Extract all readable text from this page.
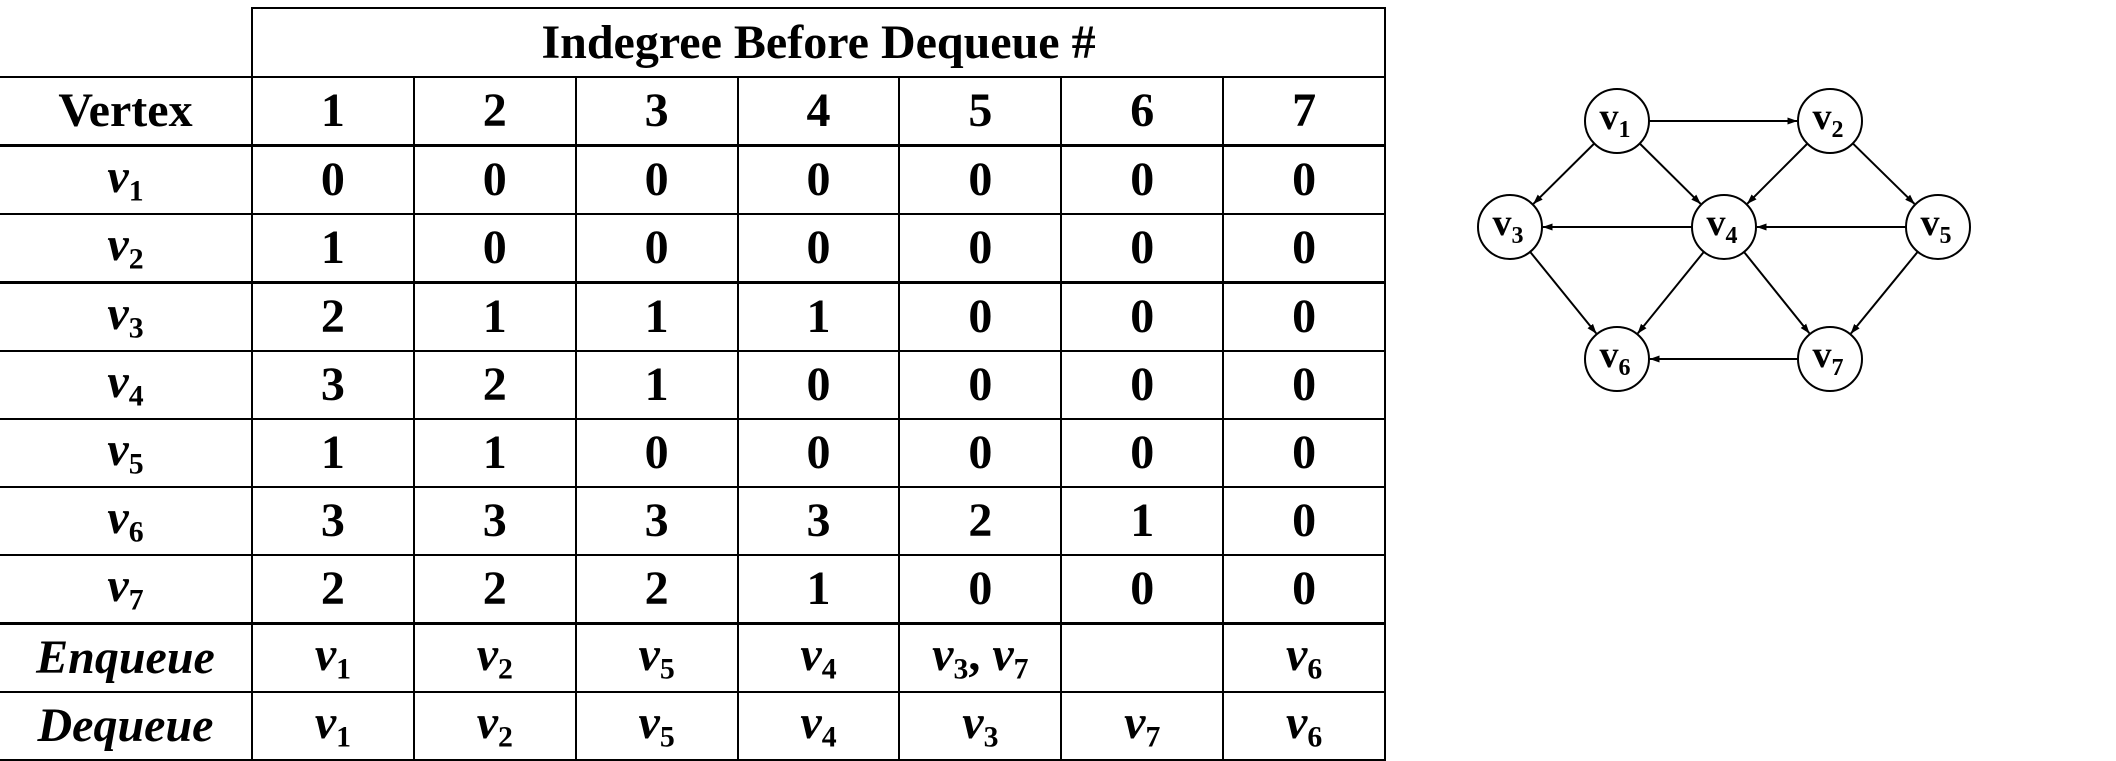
	Indegree Before Dequeue #						
Vertex	1	2	3	4	5	6	7
$v_1$	0	0	0	0	0	0	0
$v_2$	1	0	0	0	0	0	0
$v_3$	2	1	1	1	0	0	0
$v_4$	3	2	1	0	0	0	0
$v_5$	1	1	0	0	0	0	0
$v_6$	3	3	3	3	2	1	0
$v_7$	2	2	2	1	0	0	0
Enqueue	$v_1$	$v_2$	$v_5$	$v_4$	$v_3$, $v_7$		$v_6$
Dequeue	$v_1$	$v_2$	$v_5$	$v_4$	$v_3$	$v_7$	$v_6$
$v_1$	$v_2$
$v_3$	$v_4$	$v_5$
$v_6$	$v_7$
